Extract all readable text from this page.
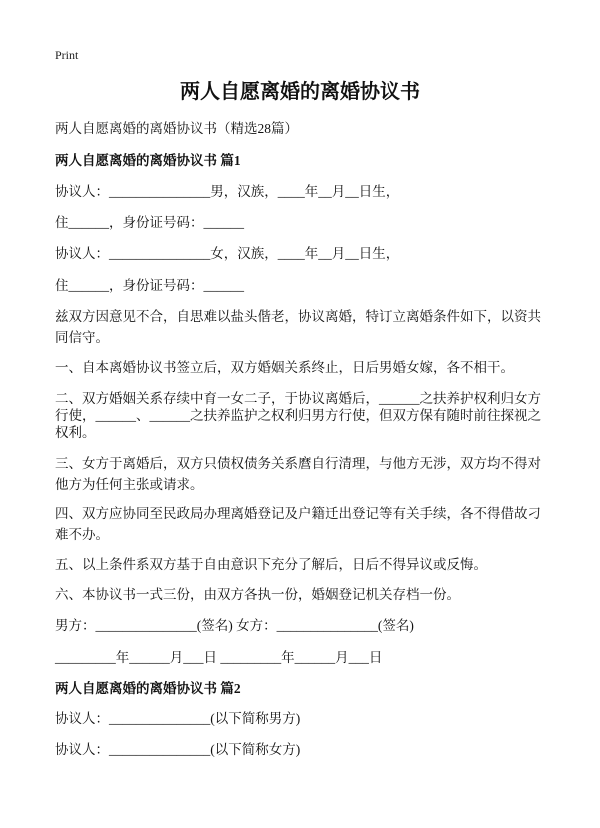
Print
两人自愿离婚的离婚协议书
两人自愿离婚的离婚协议书（精选28篇）
两人自愿离婚的离婚协议书 篇1
协议人：_______________男，汉族，____年__月__日生，
住______，身份证号码：______
协议人：_______________女，汉族，____年__月__日生，
住______，身份证号码：______
兹双方因意见不合，自思难以盐头偕老，协议离婚，特订立离婚条件如下，以资共
同信守。
一、自本离婚协议书签立后，双方婚姻关系终止，日后男婚女嫁，各不相干。
二、双方婚姻关系存续中育一女二子，于协议离婚后，______之扶养护权利归女方
行使，______、______之扶养监护之权利归男方行使，但双方保有随时前往探视之
权利。
三、女方于离婚后，双方只债权债务关系麿自行清理，与他方无涉，双方均不得对
他方为任何主张或请求。
四、双方应协同至民政局办理离婚登记及户籍迁出登记等有关手续，各不得借故刁
难不办。
五、以上条件系双方基于自由意识下充分了解后，日后不得异议或反悔。
六、本协议书一式三份，由双方各执一份，婚姻登记机关存档一份。
男方：_______________(签名) 女方：_______________(签名)
_________年______月___日 _________年______月___日
两人自愿离婚的离婚协议书 篇2
协议人：_______________(以下简称男方)
协议人：_______________(以下简称女方)
